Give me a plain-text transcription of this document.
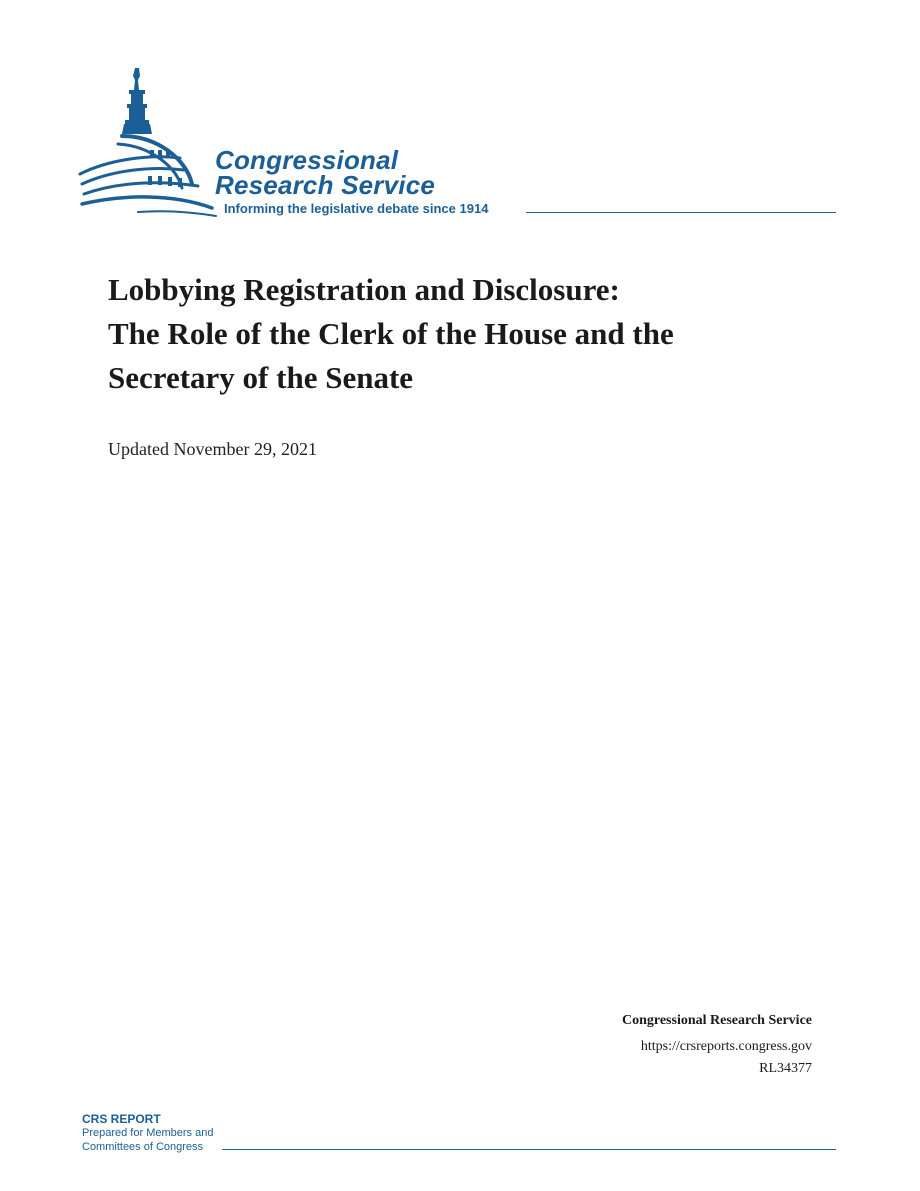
Congressional
Research Service
Informing the legislative debate since 1914
Lobbying Registration and Disclosure:
The Role of the Clerk of the House and the
Secretary of the Senate
Updated November 29, 2021
Congressional Research Service
https://crsreports.congress.gov
RL34377
CRS REPORT
Prepared for Members and
Committees of Congress
